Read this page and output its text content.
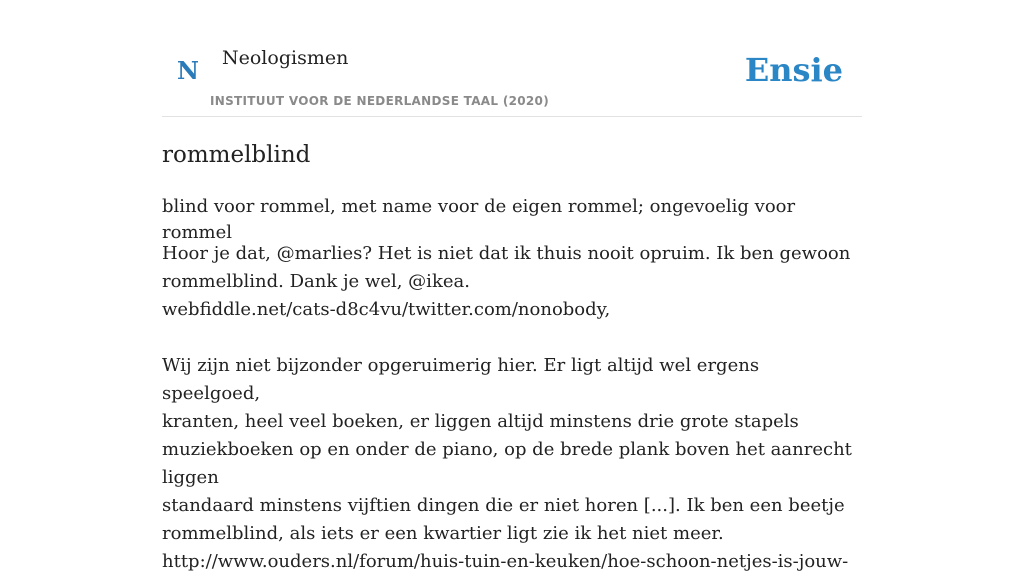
N Neologismen
INSTITUUT VOOR DE NEDERLANDSE TAAL (2020)
Ensie
rommelblind
blind voor rommel, met name voor de eigen rommel; ongevoelig voor rommel

Hoor je dat, @marlies? Het is niet dat ik thuis nooit opruim. Ik ben gewoon

rommelblind. Dank je wel, @ikea.

webfiddle.net/cats-d8c4vu/twitter.com/nonobody,

Wij zijn niet bijzonder opgeruimerig hier. Er ligt altijd wel ergens speelgoed,

kranten, heel veel boeken, er liggen altijd minstens drie grote stapels

muziekboeken op en onder de piano, op de brede plank boven het aanrecht liggen

standaard minstens vijftien dingen die er niet horen [...]. Ik ben een beetje

rommelblind, als iets er een kwartier ligt zie ik het niet meer.

http://www.ouders.nl/forum/huis-tuin-en-keuken/hoe-schoon-netjes-is-jouw-
